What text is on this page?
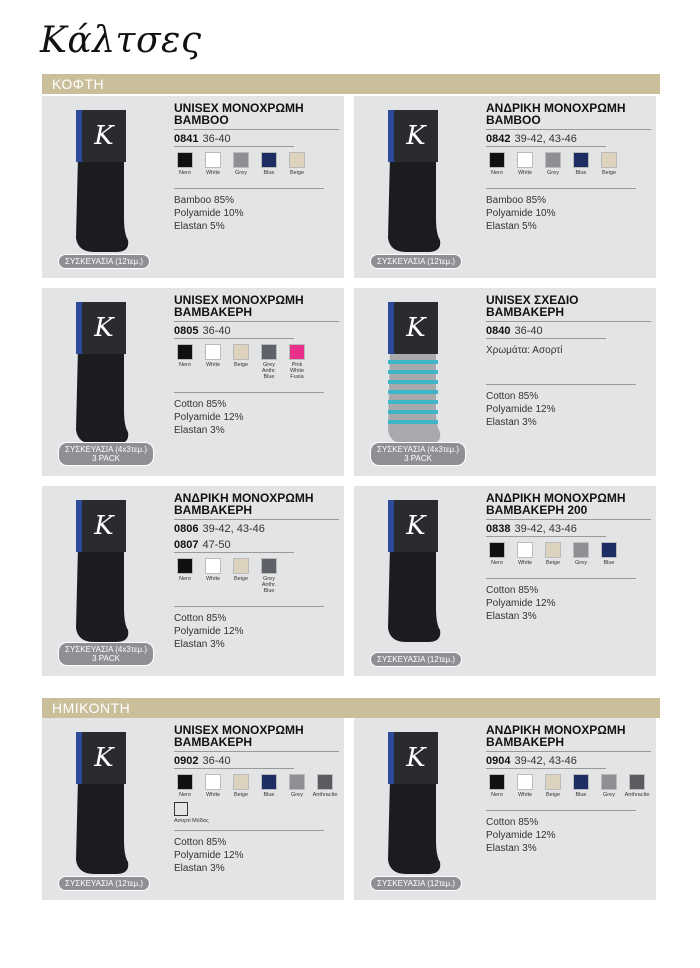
Κάλτσες
ΚΟΦΤΗ
ΗΜΙΚΟΝΤΗ
K
ΣΥΣΚΕΥΑΣΙΑ (12τεμ.)
UNISEX ΜΟΝΟΧΡΩΜΗ BAMBOO
0841 36-40
Nero	White	Grey	Blue	Beige
Bamboo 85%
Polyamide 10%
Elastan 5%
K
ΣΥΣΚΕΥΑΣΙΑ (12τεμ.)
ΑΝΔΡΙΚΗ ΜΟΝΟΧΡΩΜΗ BAMBOO
0842 39-42, 43-46
Nero	White	Grey	Blue	Beige
Bamboo 85%
Polyamide 10%
Elastan 5%
K
ΣΥΣΚΕΥΑΣΙΑ (4x3τεμ.)
3 PACK
UNISEX ΜΟΝΟΧΡΩΜΗ ΒΑΜΒΑΚΕΡΗ
0805 36-40
Nero	White	Beige	Grey
Anthr.
Blue
Pink
White
Fuxia
Cotton 85%
Polyamide 12%
Elastan 3%
K
ΣΥΣΚΕΥΑΣΙΑ (4x3τεμ.)
3 PACK
UNISEX ΣΧΕΔΙΟ ΒΑΜΒΑΚΕΡΗ
0840 36-40
Χρωμάτα: Ασορτί
Cotton 85%
Polyamide 12%
Elastan 3%
K
ΣΥΣΚΕΥΑΣΙΑ (4x3τεμ.)
3 PACK
ΑΝΔΡΙΚΗ ΜΟΝΟΧΡΩΜΗ ΒΑΜΒΑΚΕΡΗ
0806 39-42, 43-46
0807 47-50
Nero	White	Beige	Grey
Anthr.
Blue
Cotton 85%
Polyamide 12%
Elastan 3%
K
ΣΥΣΚΕΥΑΣΙΑ (12τεμ.)
ΑΝΔΡΙΚΗ ΜΟΝΟΧΡΩΜΗ ΒΑΜΒΑΚΕΡΗ 200
0838 39-42, 43-46
Nero	White	Beige	Grey	Blue
Cotton 85%
Polyamide 12%
Elastan 3%
K
ΣΥΣΚΕΥΑΣΙΑ (12τεμ.)
UNISEX ΜΟΝΟΧΡΩΜΗ ΒΑΜΒΑΚΕΡΗ
0902 36-40
Nero	White	Beige	Blue	Grey Anthracite
Ασορτί Μόδας
Cotton 85%
Polyamide 12%
Elastan 3%
K
ΣΥΣΚΕΥΑΣΙΑ (12τεμ.)
ΑΝΔΡΙΚΗ ΜΟΝΟΧΡΩΜΗ ΒΑΜΒΑΚΕΡΗ
0904 39-42, 43-46
Nero	White	Beige	Blue	Grey Anthracite
Cotton 85%
Polyamide 12%
Elastan 3%
